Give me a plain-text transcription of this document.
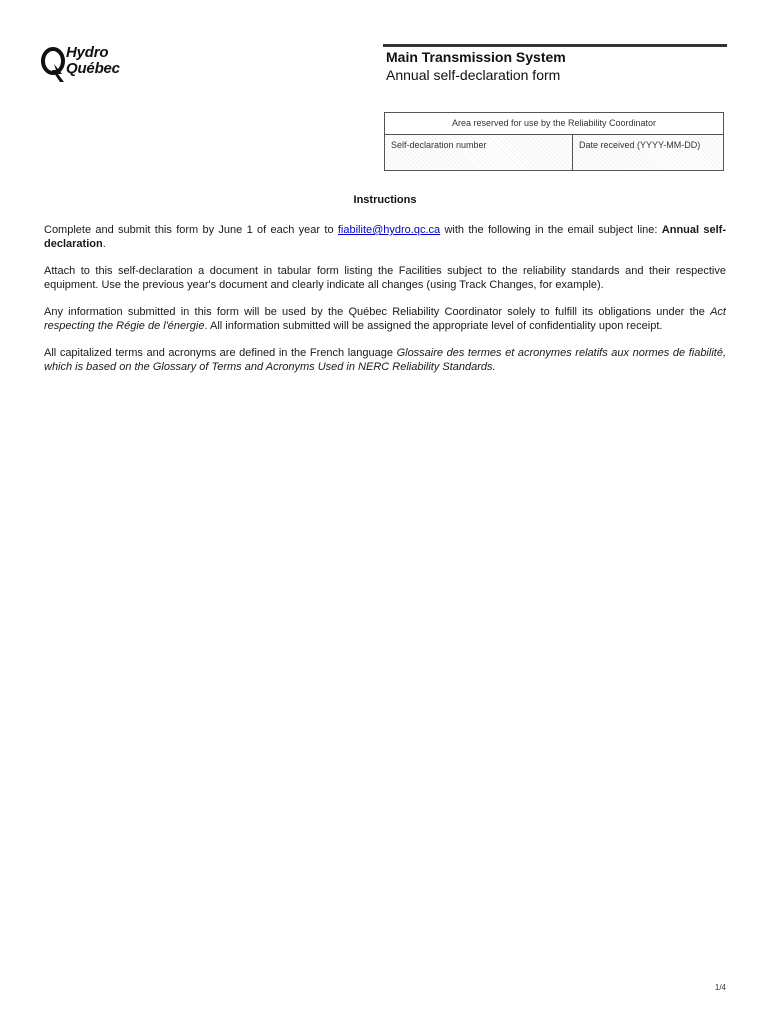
Hydro
Québec
Main Transmission System
Annual self-declaration form
Area reserved for use by the Reliability Coordinator
Self-declaration number	Date received (YYYY-MM-DD)
Instructions
Complete and submit this form by June 1 of each year to fiabilite@hydro.qc.ca with the following in the email subject line: Annual self-declaration.
Attach to this self-declaration a document in tabular form listing the Facilities subject to the reliability standards and their respective equipment. Use the previous year's document and clearly indicate all changes (using Track Changes, for example).
Any information submitted in this form will be used by the Québec Reliability Coordinator solely to fulfill its obligations under the Act respecting the Régie de l'énergie. All information submitted will be assigned the appropriate level of confidentiality upon receipt.
All capitalized terms and acronyms are defined in the French language Glossaire des termes et acronymes relatifs aux normes de fiabilité, which is based on the Glossary of Terms and Acronyms Used in NERC Reliability Standards.
1/4
